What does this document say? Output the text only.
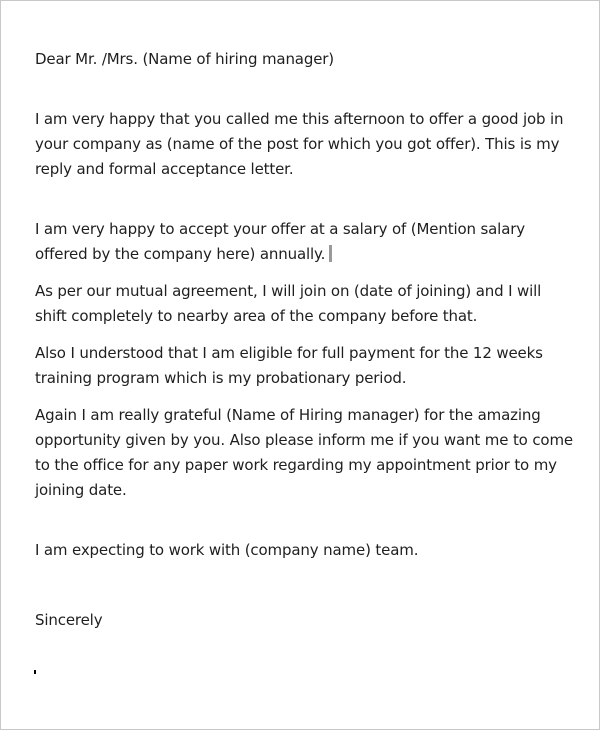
Dear Mr. /Mrs. (Name of hiring manager)

I am very happy that you called me this afternoon to offer a good job in your company as (name of the post for which you got offer). This is my reply and formal acceptance letter.

I am very happy to accept your offer at a salary of (Mention salary offered by the company here) annually.

As per our mutual agreement, I will join on (date of joining) and I will shift completely to nearby area of the company before that.

Also I understood that I am eligible for full payment for the 12 weeks training program which is my probationary period.

Again I am really grateful (Name of Hiring manager) for the amazing opportunity given by you. Also please inform me if you want me to come to the office for any paper work regarding my appointment prior to my joining date.

I am expecting to work with (company name) team.

Sincerely
